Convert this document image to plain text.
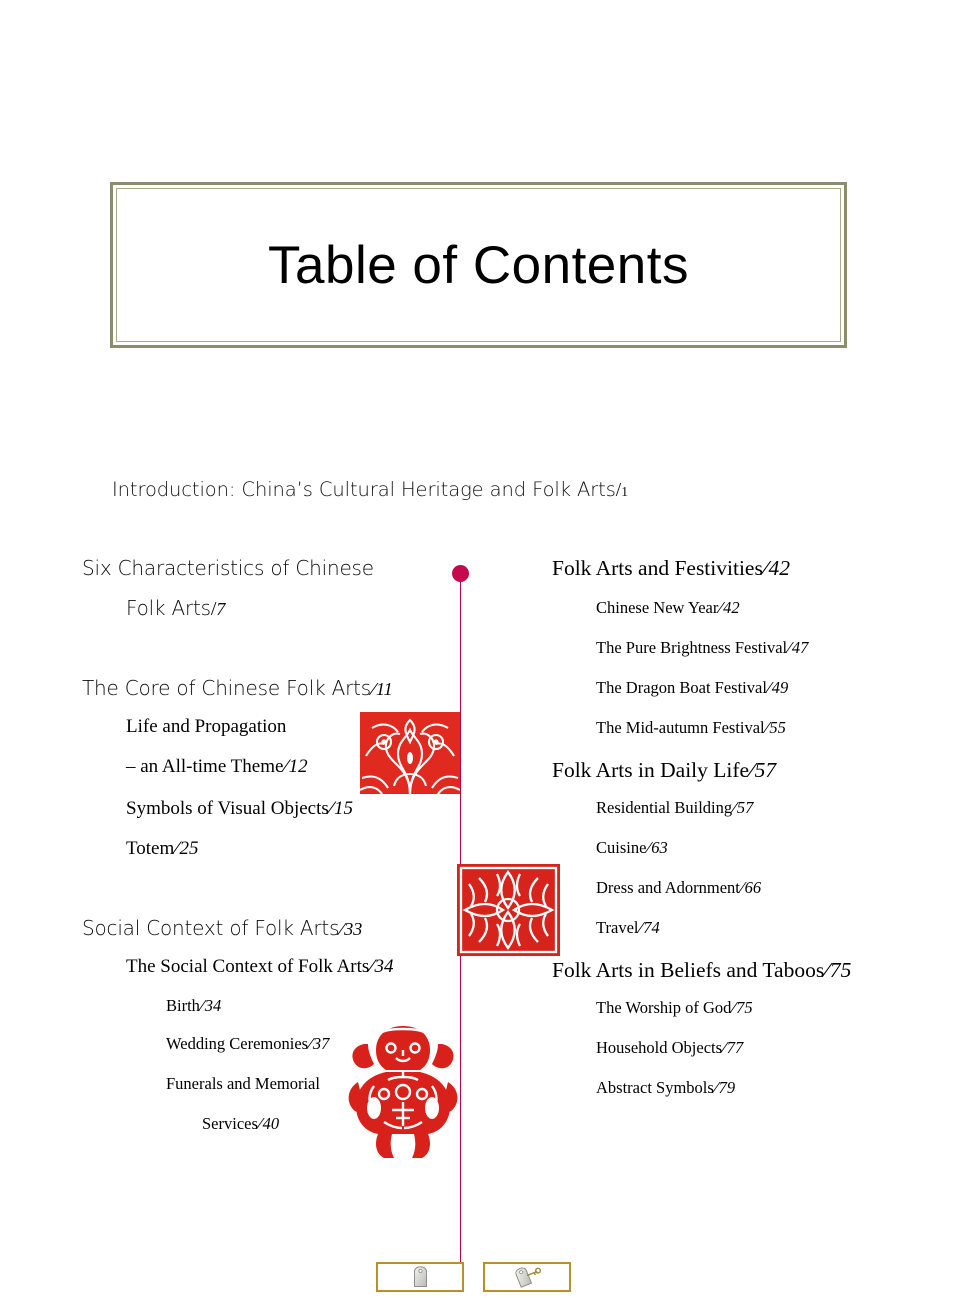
Table of Contents
Introduction: China’s Cultural Heritage and Folk Arts/1
Six Characteristics of Chinese
Folk Arts/7
The Core of Chinese Folk Arts⁄11
Life and Propagation
– an All-time Theme⁄12
Symbols of Visual Objects⁄15
Totem⁄25
Social Context of Folk Arts⁄33
The Social Context of Folk Arts⁄34
Birth⁄34
Wedding Ceremonies⁄37
Funerals and Memorial
Services⁄40
Folk Arts and Festivities⁄42
Chinese New Year⁄42
The Pure Brightness Festival⁄47
The Dragon Boat Festival⁄49
The Mid-autumn Festival⁄55
Folk Arts in Daily Life⁄57
Residential Building⁄57
Cuisine⁄63
Dress and Adornment⁄66
Travel⁄74
Folk Arts in Beliefs and Taboos⁄75
The Worship of God⁄75
Household Objects⁄77
Abstract Symbols⁄79
